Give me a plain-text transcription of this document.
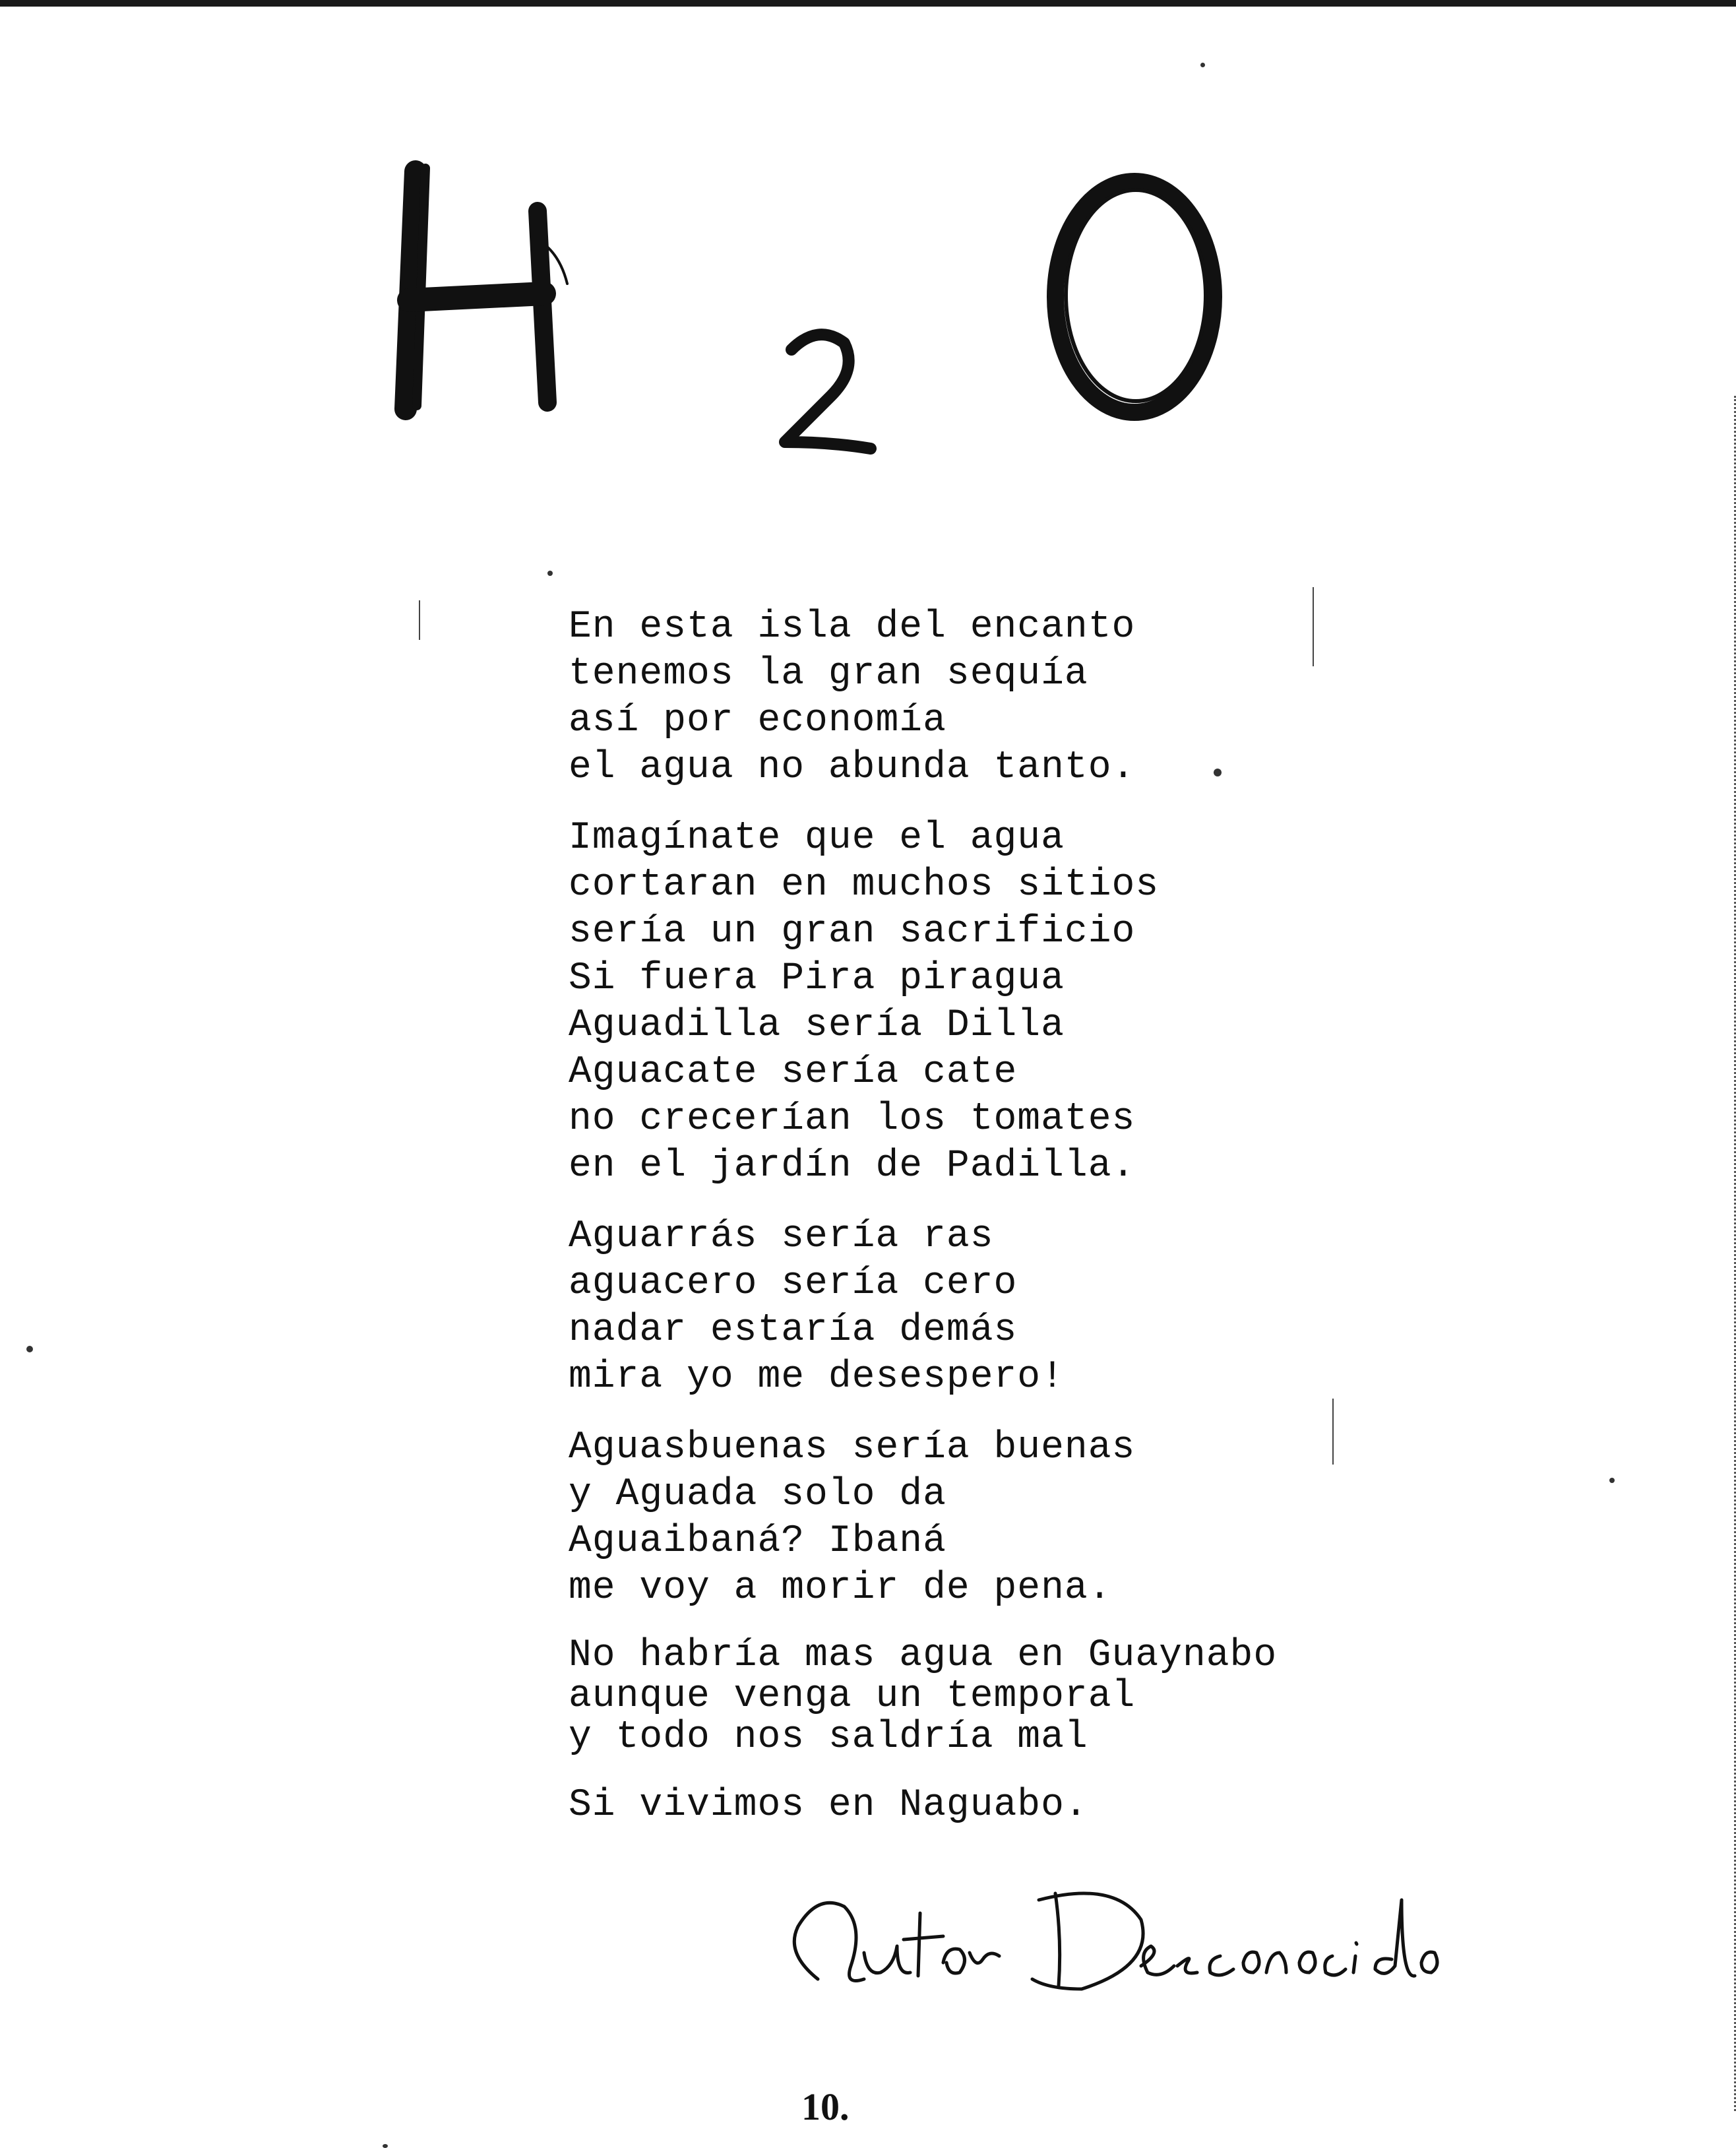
En esta isla del encanto
tenemos la gran sequía
así por economía
el agua no abunda tanto.
Imagínate que el agua
cortaran en muchos sitios
sería un gran sacrificio
Si fuera Pira piragua
Aguadilla sería Dilla
Aguacate sería cate
no crecerían los tomates
en el jardín de Padilla.
Aguarrás sería ras
aguacero sería cero
nadar estaría demás
mira yo me desespero!
Aguasbuenas sería buenas
y Aguada solo da
Aguaibaná? Ibaná
me voy a morir de pena.
No habría mas agua en Guaynabo
aunque venga un temporal
y todo nos saldría mal
Si vivimos en Naguabo.
10.
